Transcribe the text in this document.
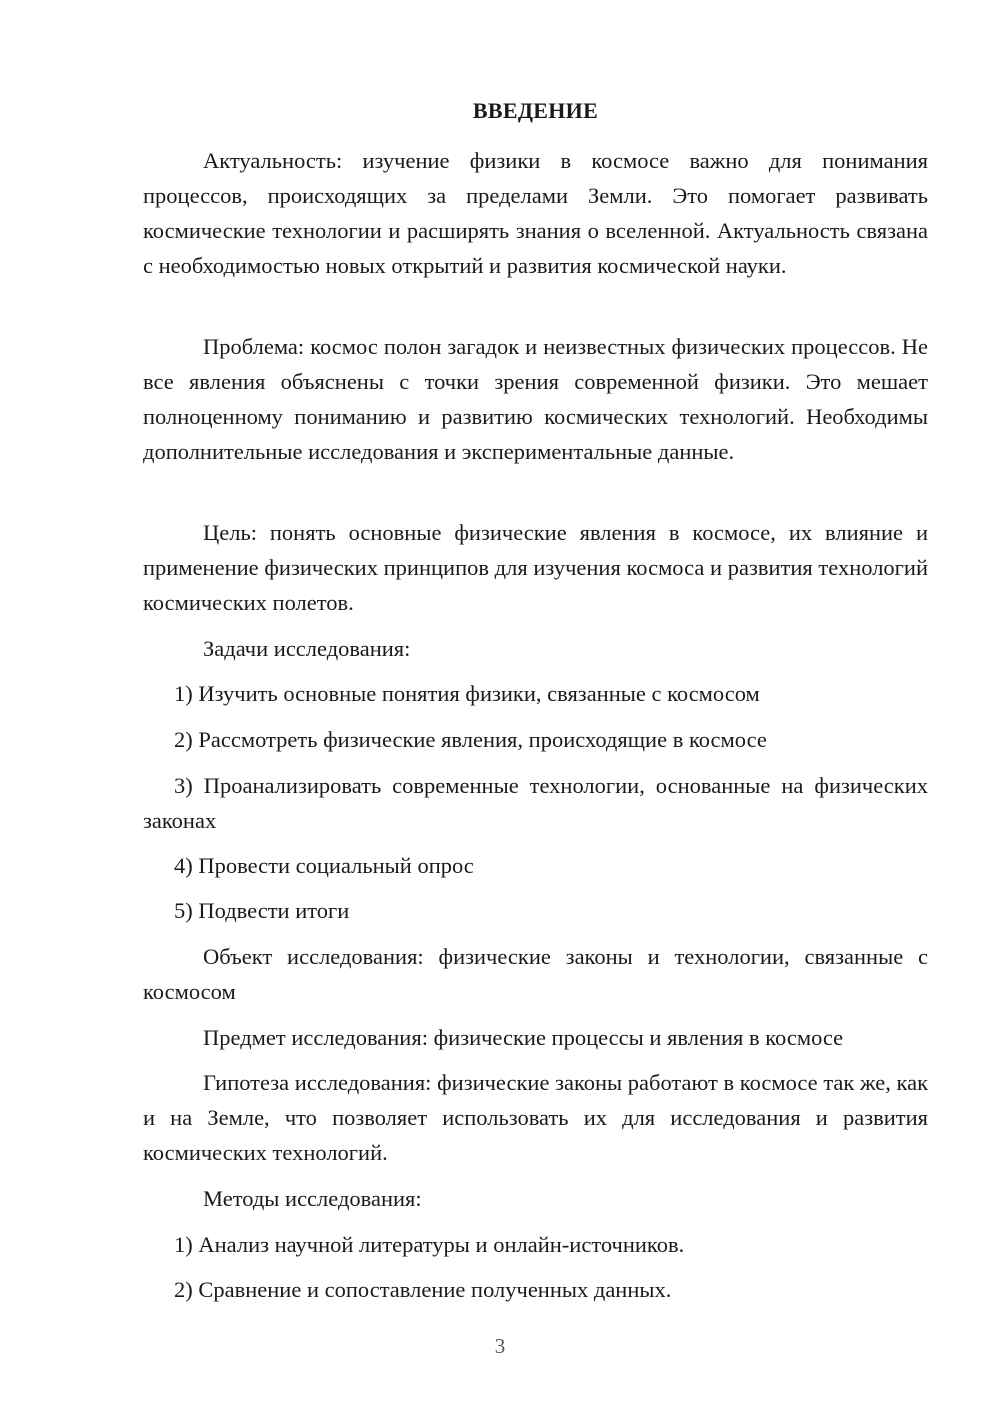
ВВЕДЕНИЕ

Актуальность: изучение физики в космосе важно для понимания процессов, происходящих за пределами Земли. Это помогает развивать космические технологии и расширять знания о вселенной. Актуальность связана с необходимостью новых открытий и развития космической науки.

Проблема: космос полон загадок и неизвестных физических процессов. Не все явления объяснены с точки зрения современной физики. Это мешает полноценному пониманию и развитию космических технологий. Необходимы дополнительные исследования и экспериментальные данные.

Цель: понять основные физические явления в космосе, их влияние и применение физических принципов для изучения космоса и развития технологий космических полетов.

Задачи исследования:

1) Изучить основные понятия физики, связанные с космосом

2) Рассмотреть физические явления, происходящие в космосе

3) Проанализировать современные технологии, основанные на физических законах

4) Провести социальный опрос

5) Подвести итоги

Объект исследования: физические законы и технологии, связанные с космосом

Предмет исследования: физические процессы и явления в космосе

Гипотеза исследования: физические законы работают в космосе так же, как и на Земле, что позволяет использовать их для исследования и развития космических технологий.

Методы исследования:

1) Анализ научной литературы и онлайн-источников.

2) Сравнение и сопоставление полученных данных.

3
